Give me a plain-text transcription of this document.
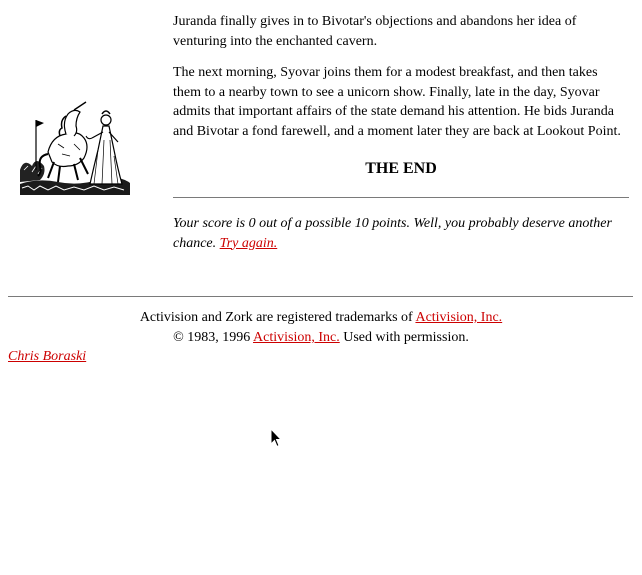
Juranda finally gives in to Bivotar's objections and abandons her idea of venturing into the enchanted cavern.

The next morning, Syovar joins them for a modest breakfast, and then takes them to a nearby town to see a unicorn show. Finally, late in the day, Syovar admits that important affairs of the state demand his attention. He bids Juranda and Bivotar a fond farewell, and a moment later they are back at Lookout Point.

THE END

Your score is 0 out of a possible 10 points. Well, you probably deserve another chance. Try again.

Activision and Zork are registered trademarks of Activision, Inc.
© 1983, 1996 Activision, Inc. Used with permission.
Chris Boraski
